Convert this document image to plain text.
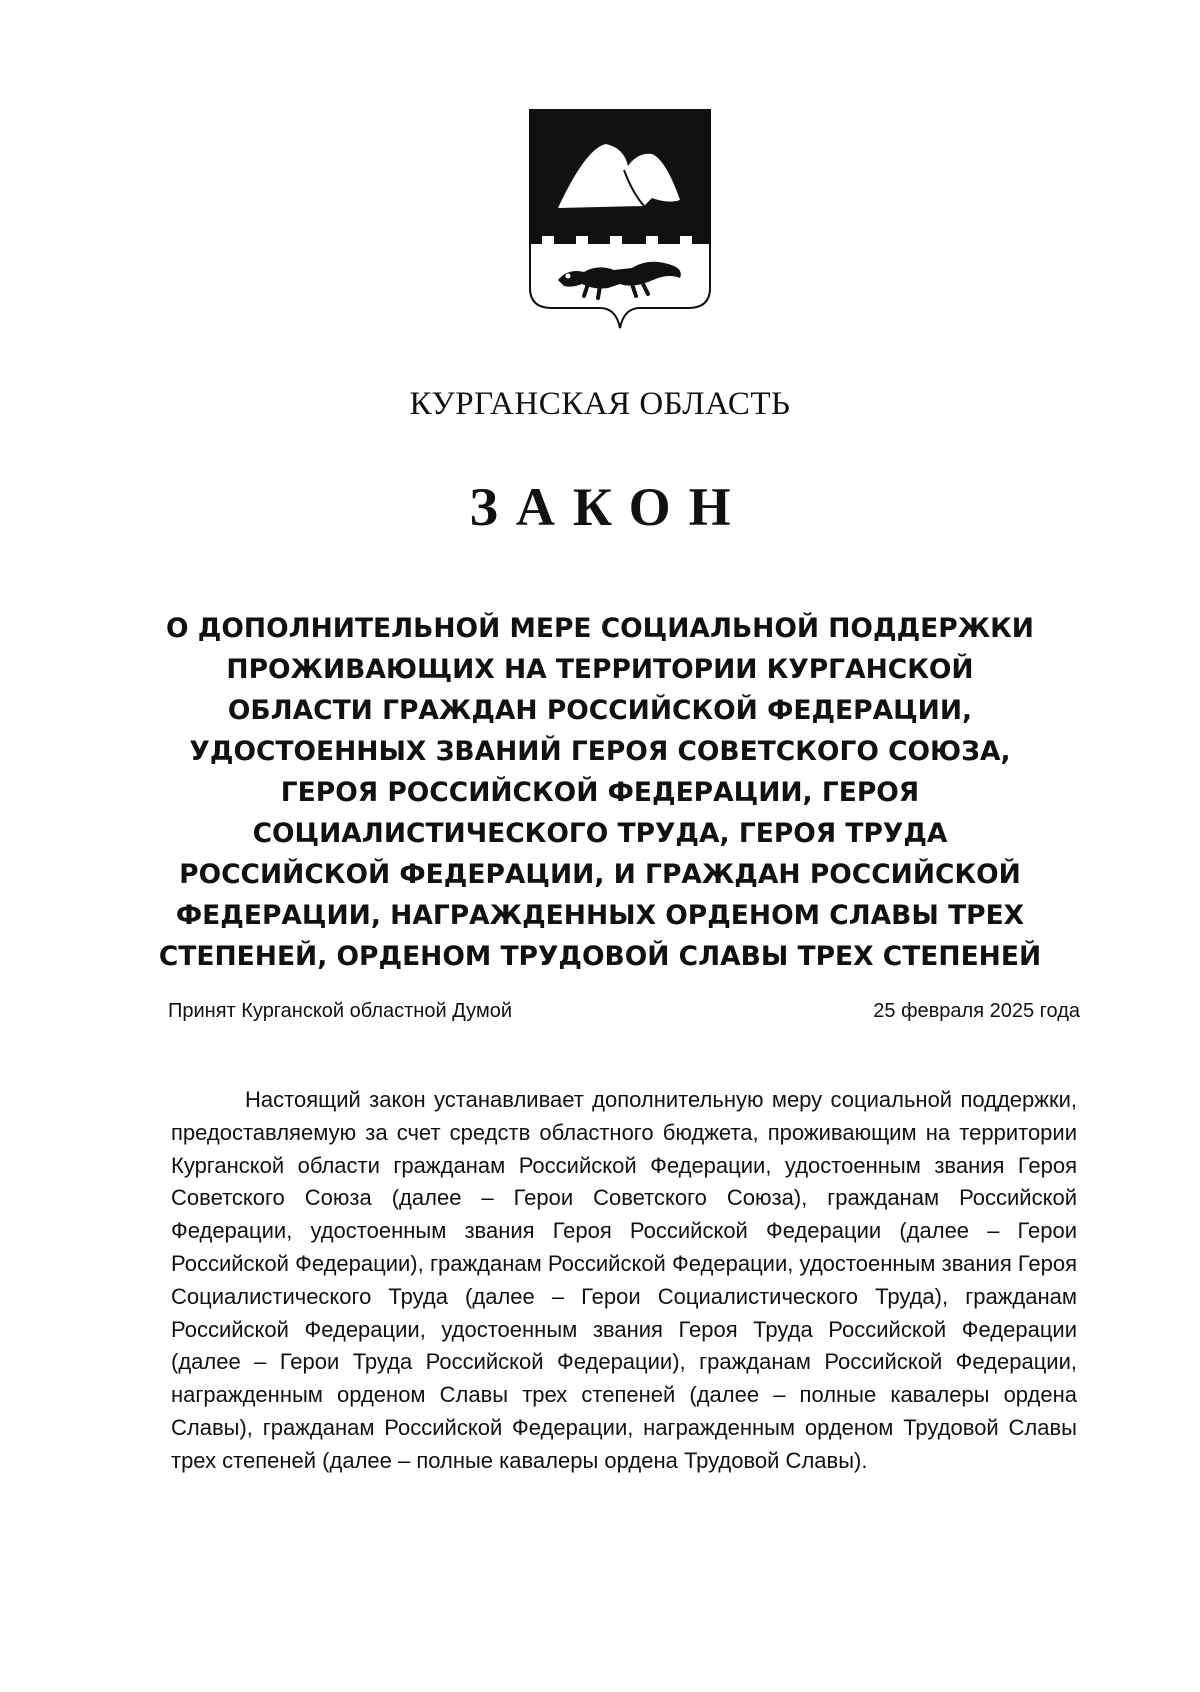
КУРГАНСКАЯ ОБЛАСТЬ
ЗАКОН
О ДОПОЛНИТЕЛЬНОЙ МЕРЕ СОЦИАЛЬНОЙ ПОДДЕРЖКИ
ПРОЖИВАЮЩИХ НА ТЕРРИТОРИИ КУРГАНСКОЙ
ОБЛАСТИ ГРАЖДАН РОССИЙСКОЙ ФЕДЕРАЦИИ,
УДОСТОЕННЫХ ЗВАНИЙ ГЕРОЯ СОВЕТСКОГО СОЮЗА,
ГЕРОЯ РОССИЙСКОЙ ФЕДЕРАЦИИ, ГЕРОЯ
СОЦИАЛИСТИЧЕСКОГО ТРУДА, ГЕРОЯ ТРУДА
РОССИЙСКОЙ ФЕДЕРАЦИИ, И ГРАЖДАН РОССИЙСКОЙ
ФЕДЕРАЦИИ, НАГРАЖДЕННЫХ ОРДЕНОМ СЛАВЫ ТРЕХ
СТЕПЕНЕЙ, ОРДЕНОМ ТРУДОВОЙ СЛАВЫ ТРЕХ СТЕПЕНЕЙ
Принят Курганской областной Думой	25 февраля 2025 года

Настоящий закон устанавливает дополнительную меру социальной поддержки, предоставляемую за счет средств областного бюджета, проживающим на территории Курганской области гражданам Российской Федерации, удостоенным звания Героя Советского Союза (далее – Герои Советского Союза), гражданам Российской Федерации, удостоенным звания Героя Российской Федерации (далее – Герои Российской Федерации), гражданам Российской Федерации, удостоенным звания Героя Социалистического Труда (далее – Герои Социалистического Труда), гражданам Российской Федерации, удостоенным звания Героя Труда Российской Федерации (далее – Герои Труда Российской Федерации), гражданам Российской Федерации, награжденным орденом Славы трех степеней (далее – полные кавалеры ордена Славы), гражданам Российской Федерации, награжденным орденом Трудовой Славы трех степеней (далее – полные кавалеры ордена Трудовой Славы).
